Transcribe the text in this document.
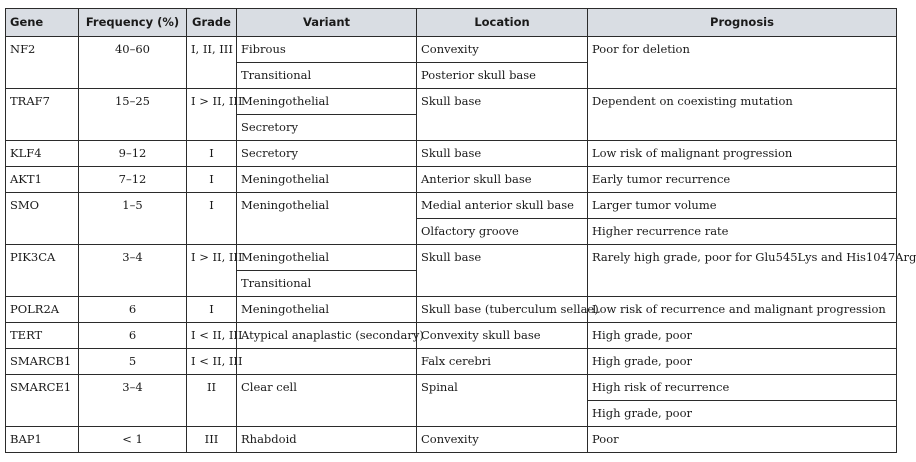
Gene	Frequency (%)	Grade	Variant	Location	Prognosis
NF2	40–60	I, II, III	Fibrous	Convexity	Poor for deletion
			Transitional	Posterior skull base	
TRAF7	15–25	I > II, III	Meningothelial	Skull base	Dependent on coexisting mutation
			Secretory		
KLF4	9–12	I	Secretory	Skull base	Low risk of malignant progression
AKT1	7–12	I	Meningothelial	Anterior skull base	Early tumor recurrence
SMO	1–5	I	Meningothelial	Medial anterior skull base	Larger tumor volume
				Olfactory groove	Higher recurrence rate
PIK3CA	3–4	I > II, III	Meningothelial	Skull base	Rarely high grade, poor for Glu545Lys and His1047Arg
			Transitional		
POLR2A	6	I	Meningothelial	Skull base (tuberculum sellae)	Low risk of recurrence and malignant progression
TERT	6	I < II, III	Atypical anaplastic (secondary)	Convexity skull base	High grade, poor
SMARCB1	5	I < II, III		Falx cerebri	High grade, poor
SMARCE1	3–4	II	Clear cell	Spinal	High risk of recurrence
					High grade, poor
BAP1	< 1	III	Rhabdoid	Convexity	Poor
